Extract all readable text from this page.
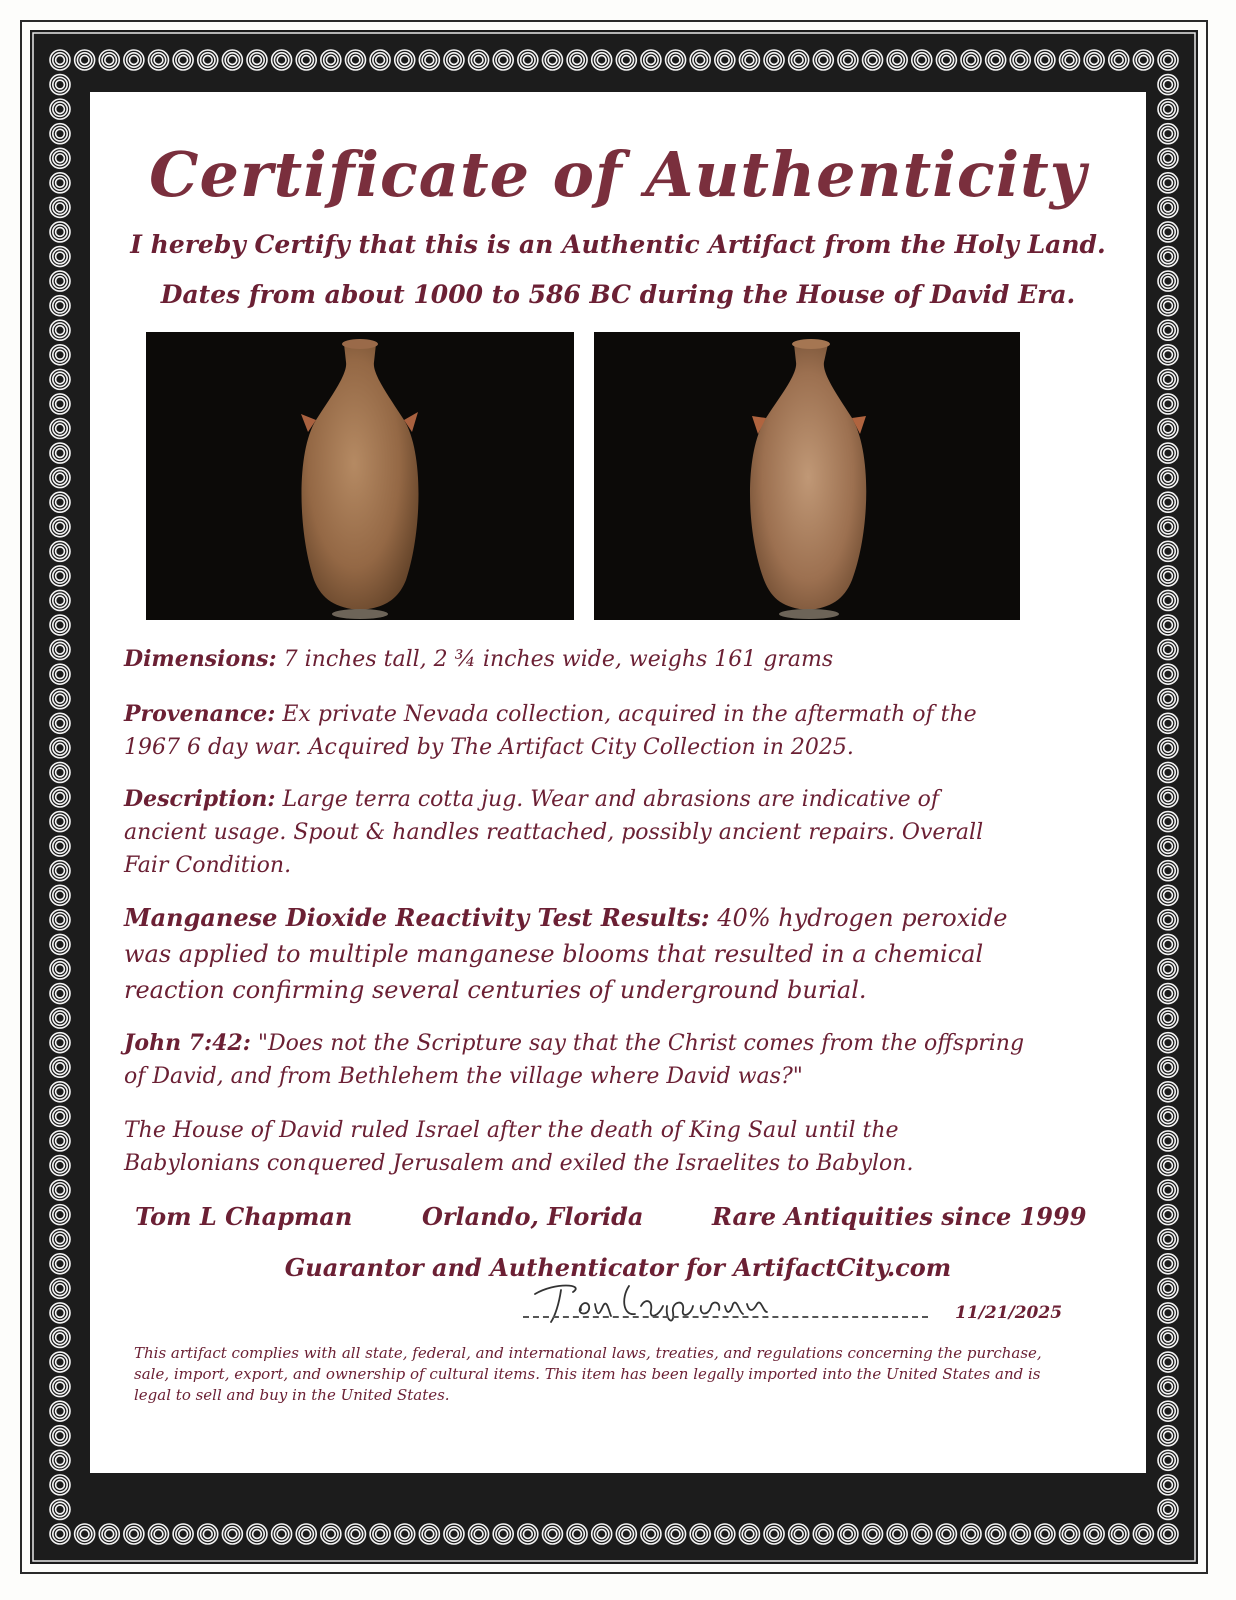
Certificate of Authenticity
I hereby Certify that this is an Authentic Artifact from the Holy Land.
Dates from about 1000 to 586 BC during the House of David Era.
Dimensions: 7 inches tall, 2 ¾ inches wide, weighs 161 grams
Provenance: Ex private Nevada collection, acquired in the aftermath of the 1967 6 day war. Acquired by The Artifact City Collection in 2025.
Description: Large terra cotta jug. Wear and abrasions are indicative of ancient usage. Spout & handles reattached, possibly ancient repairs. Overall Fair Condition.
Manganese Dioxide Reactivity Test Results: 40% hydrogen peroxide was applied to multiple manganese blooms that resulted in a chemical reaction confirming several centuries of underground burial.
John 7:42: "Does not the Scripture say that the Christ comes from the offspring of David, and from Bethlehem the village where David was?"
The House of David ruled Israel after the death of King Saul until the Babylonians conquered Jerusalem and exiled the Israelites to Babylon.
Tom L Chapman	Orlando, Florida	Rare Antiquities since 1999
Guarantor and Authenticator for ArtifactCity.com
11/21/2025
This artifact complies with all state, federal, and international laws, treaties, and regulations concerning the purchase, sale, import, export, and ownership of cultural items. This item has been legally imported into the United States and is legal to sell and buy in the United States.
